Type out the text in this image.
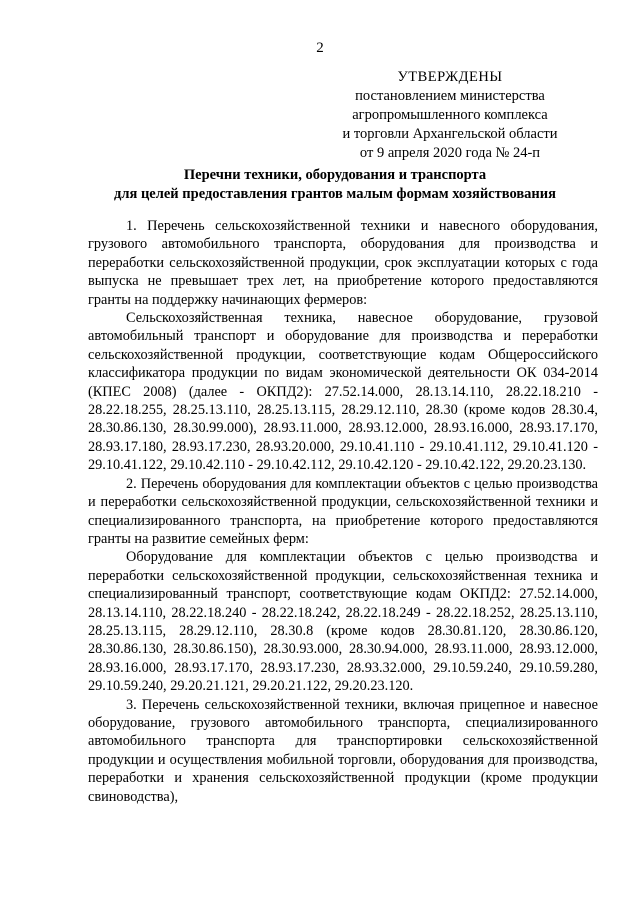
2
УТВЕРЖДЕНЫ
постановлением министерства
агропромышленного комплекса
и торговли Архангельской области
от 9 апреля 2020 года № 24-п
Перечни техники, оборудования и транспорта
для целей предоставления грантов малым формам хозяйствования

1. Перечень сельскохозяйственной техники и навесного оборудования, грузового автомобильного транспорта, оборудования для производства и переработки сельскохозяйственной продукции, срок эксплуатации которых с года выпуска не превышает трех лет, на приобретение которого предоставляются гранты на поддержку начинающих фермеров:

Сельскохозяйственная техника, навесное оборудование, грузовой автомобильный транспорт и оборудование для производства и переработки сельскохозяйственной продукции, соответствующие кодам Общероссийского классификатора продукции по видам экономической деятельности ОК 034-2014 (КПЕС 2008) (далее - ОКПД2): 27.52.14.000, 28.13.14.110, 28.22.18.210 - 28.22.18.255, 28.25.13.110, 28.25.13.115, 28.29.12.110, 28.30 (кроме кодов 28.30.4, 28.30.86.130, 28.30.99.000), 28.93.11.000, 28.93.12.000, 28.93.16.000, 28.93.17.170, 28.93.17.180, 28.93.17.230, 28.93.20.000, 29.10.41.110 - 29.10.41.112, 29.10.41.120 - 29.10.41.122, 29.10.42.110 - 29.10.42.112, 29.10.42.120 - 29.10.42.122, 29.20.23.130.

2. Перечень оборудования для комплектации объектов с целью производства и переработки сельскохозяйственной продукции, сельскохозяйственной техники и специализированного транспорта, на приобретение которого предоставляются гранты на развитие семейных ферм:

Оборудование для комплектации объектов с целью производства и переработки сельскохозяйственной продукции, сельскохозяйственная техника и специализированный транспорт, соответствующие кодам ОКПД2: 27.52.14.000, 28.13.14.110, 28.22.18.240 - 28.22.18.242, 28.22.18.249 - 28.22.18.252, 28.25.13.110, 28.25.13.115, 28.29.12.110, 28.30.8 (кроме кодов 28.30.81.120, 28.30.86.120, 28.30.86.130, 28.30.86.150), 28.30.93.000, 28.30.94.000, 28.93.11.000, 28.93.12.000, 28.93.16.000, 28.93.17.170, 28.93.17.230, 28.93.32.000, 29.10.59.240, 29.10.59.280, 29.10.59.240, 29.20.21.121, 29.20.21.122, 29.20.23.120.

3. Перечень сельскохозяйственной техники, включая прицепное и навесное оборудование, грузового автомобильного транспорта, специализированного автомобильного транспорта для транспортировки сельскохозяйственной продукции и осуществления мобильной торговли, оборудования для производства, переработки и хранения сельскохозяйственной продукции (кроме продукции свиноводства),
